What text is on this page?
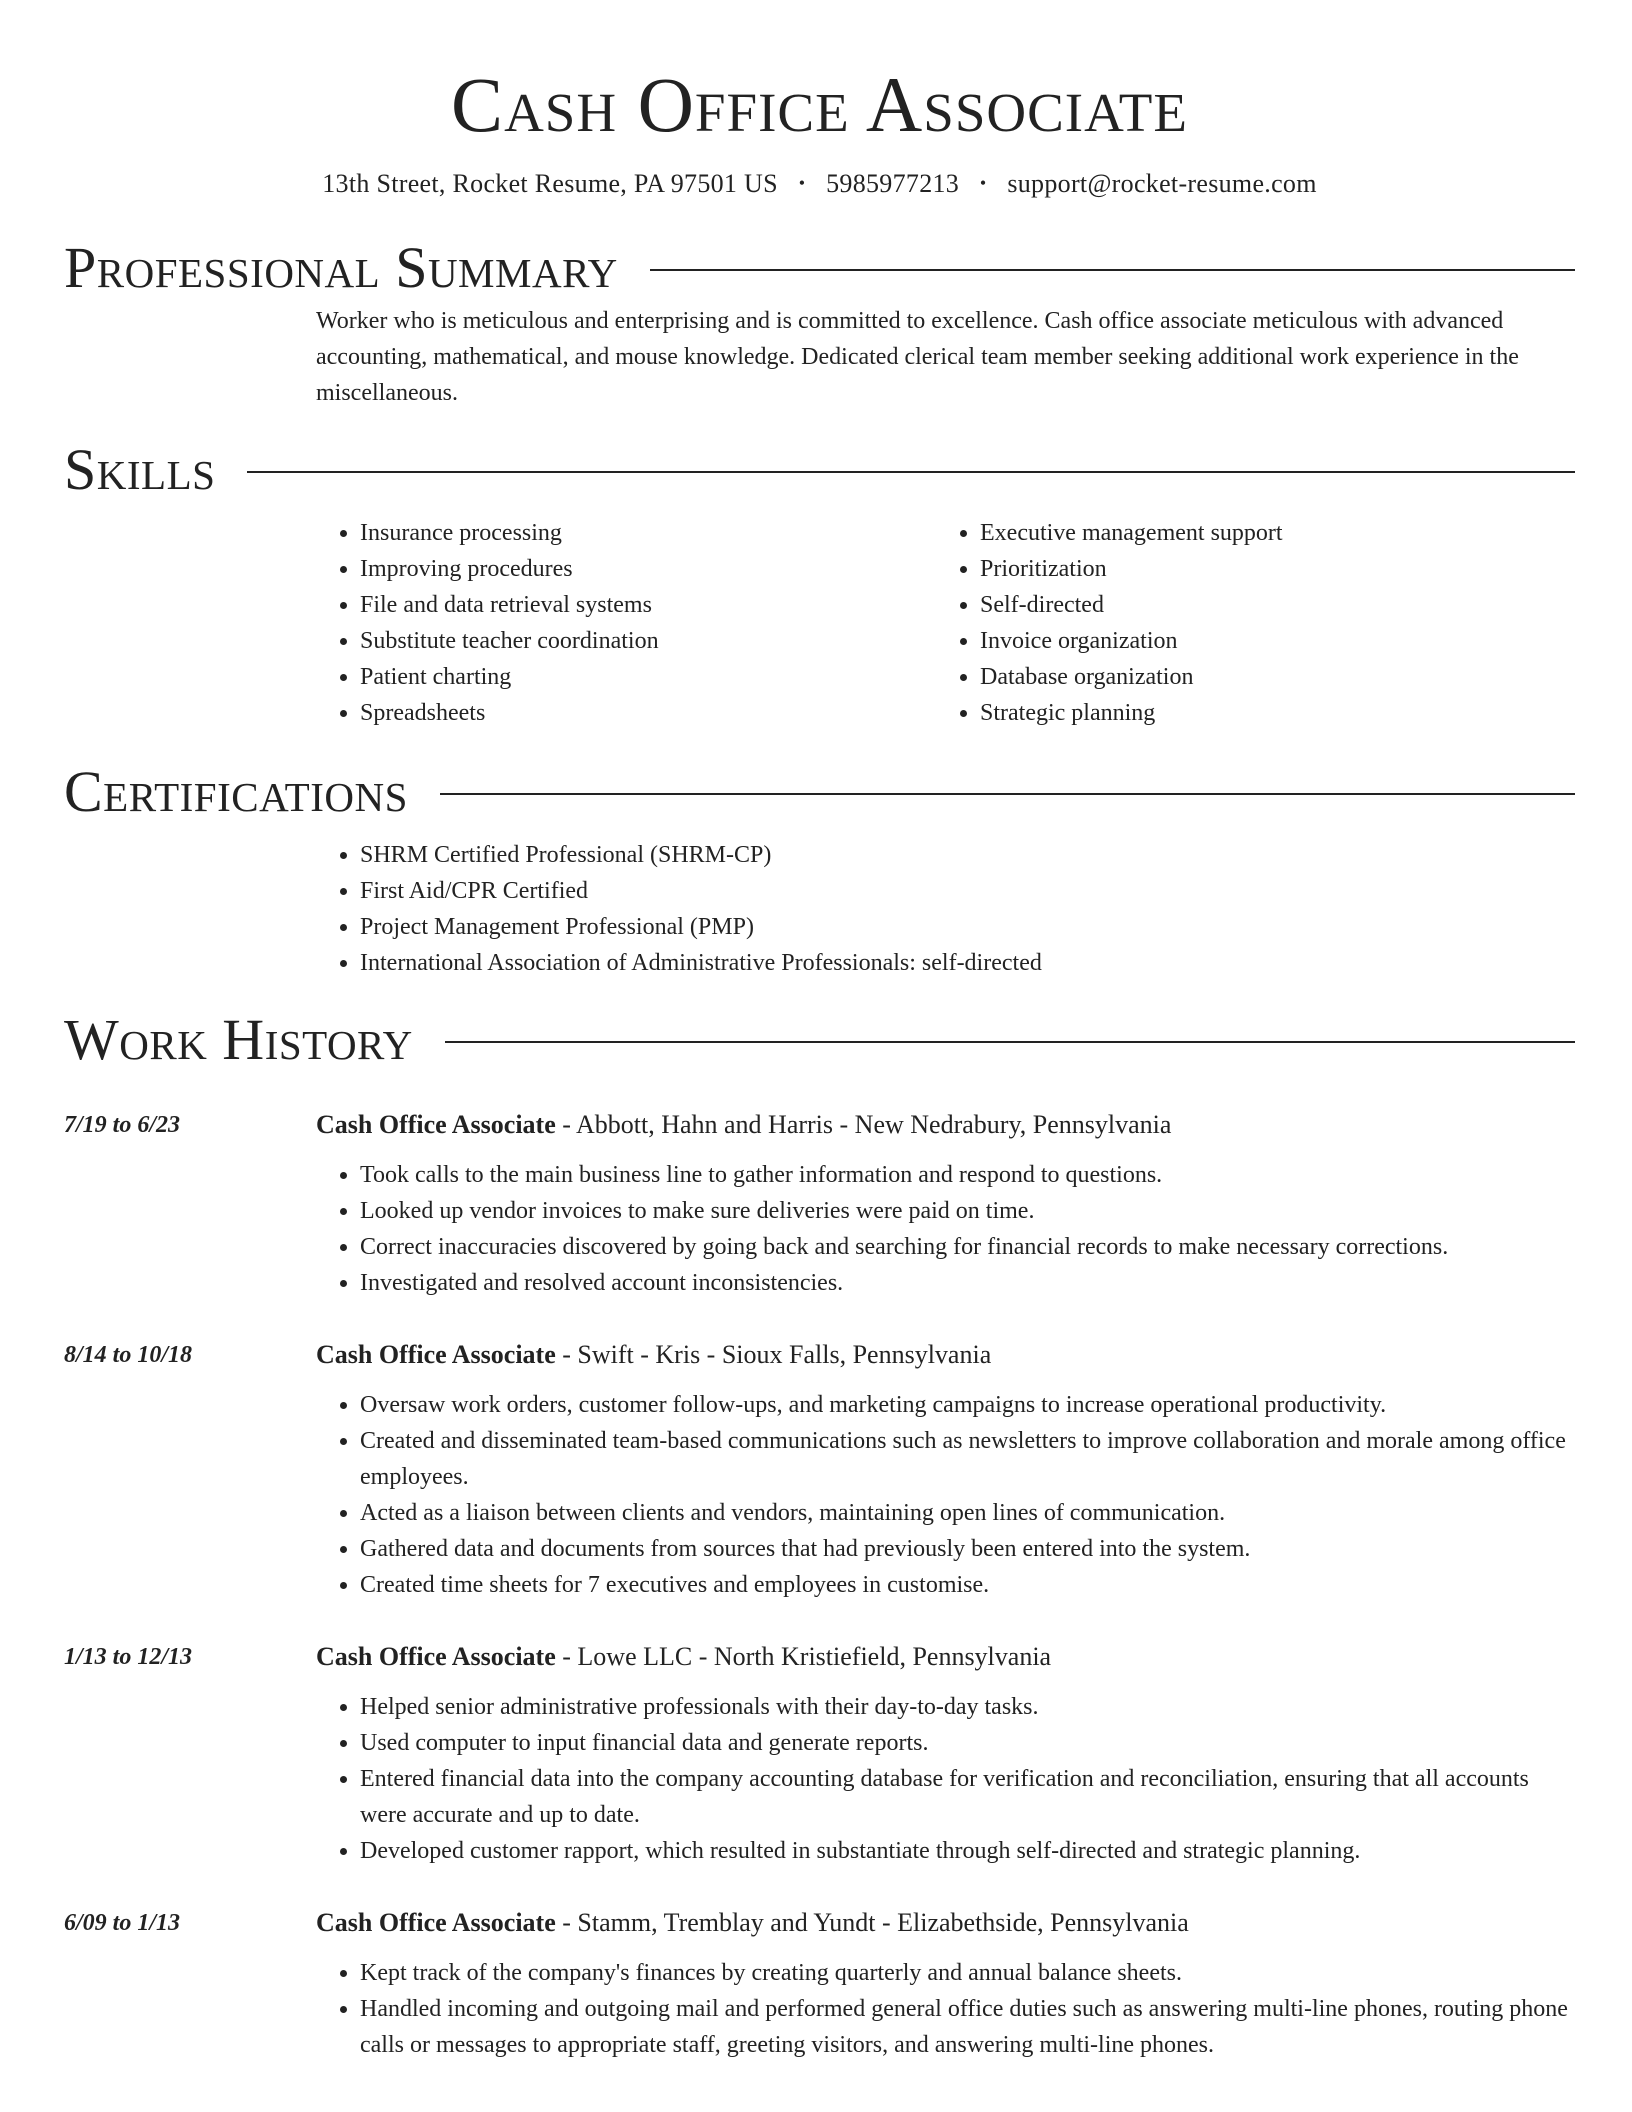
Cash Office Associate
13th Street, Rocket Resume, PA 97501 US • 5985977213 • support@rocket-resume.com
Professional Summary

Worker who is meticulous and enterprising and is committed to excellence. Cash office associate meticulous with advanced accounting, mathematical, and mouse knowledge. Dedicated clerical team member seeking additional work experience in the miscellaneous.

Skills
• Insurance processing
• Improving procedures
• File and data retrieval systems
• Substitute teacher coordination
• Patient charting
• Spreadsheets
• Executive management support
• Prioritization
• Self-directed
• Invoice organization
• Database organization
• Strategic planning
Certifications
• SHRM Certified Professional (SHRM-CP)
• First Aid/CPR Certified
• Project Management Professional (PMP)
• International Association of Administrative Professionals: self-directed
Work History
7/19 to 6/23	Cash Office Associate - Abbott, Hahn and Harris - New Nedrabury, Pennsylvania
• Took calls to the main business line to gather information and respond to questions.
• Looked up vendor invoices to make sure deliveries were paid on time.
• Correct inaccuracies discovered by going back and searching for financial records to make necessary corrections.
• Investigated and resolved account inconsistencies.
8/14 to 10/18	Cash Office Associate - Swift - Kris - Sioux Falls, Pennsylvania
• Oversaw work orders, customer follow-ups, and marketing campaigns to increase operational productivity.
• Created and disseminated team-based communications such as newsletters to improve collaboration and morale among office employees.
• Acted as a liaison between clients and vendors, maintaining open lines of communication.
• Gathered data and documents from sources that had previously been entered into the system.
• Created time sheets for 7 executives and employees in customise.
1/13 to 12/13	Cash Office Associate - Lowe LLC - North Kristiefield, Pennsylvania
• Helped senior administrative professionals with their day-to-day tasks.
• Used computer to input financial data and generate reports.
• Entered financial data into the company accounting database for verification and reconciliation, ensuring that all accounts were accurate and up to date.
• Developed customer rapport, which resulted in substantiate through self-directed and strategic planning.
6/09 to 1/13	Cash Office Associate - Stamm, Tremblay and Yundt - Elizabethside, Pennsylvania
• Kept track of the company's finances by creating quarterly and annual balance sheets.
• Handled incoming and outgoing mail and performed general office duties such as answering multi-line phones, routing phone calls or messages to appropriate staff, greeting visitors, and answering multi-line phones.
